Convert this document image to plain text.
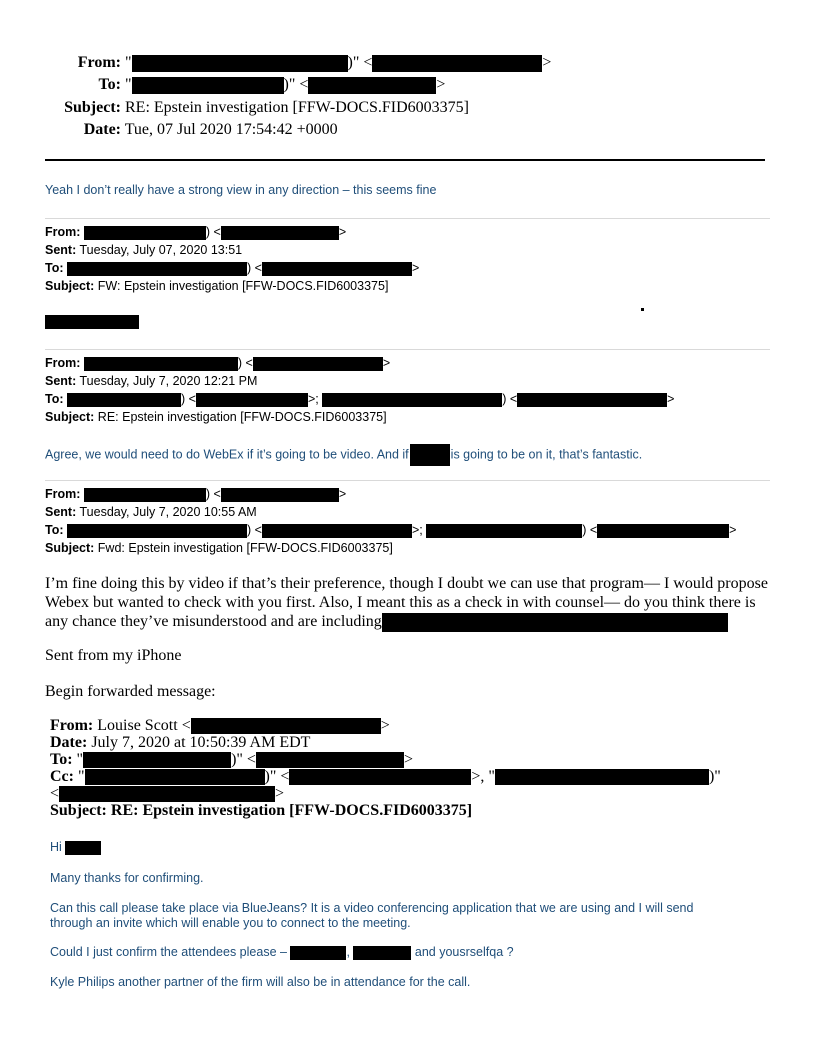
From: "	)" <	>
To: "	)" <	>
Subject: RE: Epstein investigation [FFW-DOCS.FID6003375]
Date: Tue, 07 Jul 2020 17:54:42 +0000
Yeah I don’t really have a strong view in any direction – this seems fine
From:	) <	>
Sent: Tuesday, July 07, 2020 13:51
To:	) <	>
Subject: FW: Epstein investigation [FFW-DOCS.FID6003375]
From:	) <	>
Sent: Tuesday, July 7, 2020 12:21 PM
To:	) <	>;	) <	>
Subject: RE: Epstein investigation [FFW-DOCS.FID6003375]
Agree, we would need to do WebEx if it’s going to be video. And if	is going to be on it, that’s fantastic.
From:	) <	>
Sent: Tuesday, July 7, 2020 10:55 AM
To:	) <	>;	) <	>
Subject: Fwd: Epstein investigation [FFW-DOCS.FID6003375]
I’m fine doing this by video if that’s their preference, though I doubt we can use that program— I would propose
Webex but wanted to check with you first. Also, I meant this as a check in with counsel— do you think there is
any chance they’ve misunderstood and are including
Sent from my iPhone
Begin forwarded message:
From: Louise Scott <	>
Date: July 7, 2020 at 10:50:39 AM EDT
To: "	)" <	>
Cc: "	)" <	>, "	)"
<	>
Subject: RE: Epstein investigation [FFW-DOCS.FID6003375]
Hi
Many thanks for confirming.
Can this call please take place via BlueJeans? It is a video conferencing application that we are using and I will send
through an invite which will enable you to connect to the meeting.
Could I just confirm the attendees please –	,	and yousrselfqa ?
Kyle Philips another partner of the firm will also be in attendance for the call.
